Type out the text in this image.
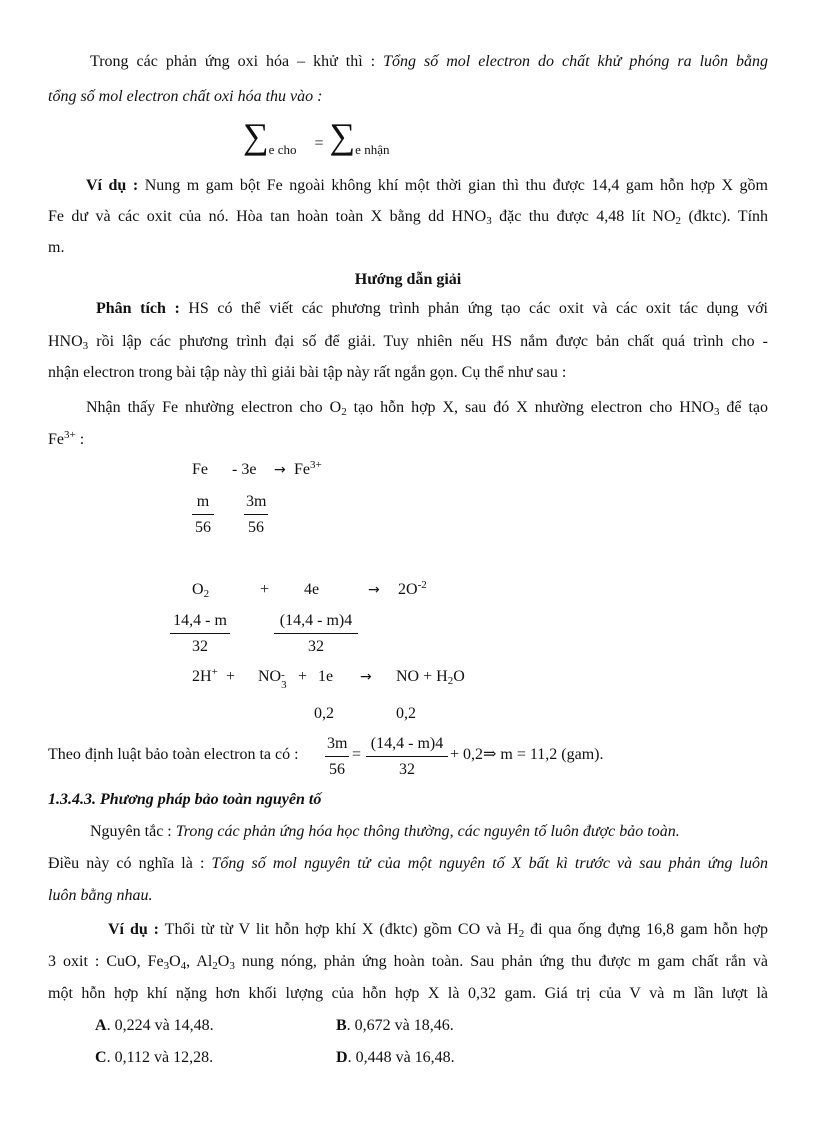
Trong các phản ứng oxi hóa – khử thì : Tổng số mol electron do chất khử phóng ra luôn bằng
tổng số mol electron chất oxi hóa thu vào :
$\sum_{e cho} = \sum_{e nhận}$
Ví dụ : Nung m gam bột Fe ngoài không khí một thời gian thì thu được 14,4 gam hỗn hợp X gồm
Fe dư và các oxit của nó. Hòa tan hoàn toàn X bằng dd $HNO_3$ đặc thu được 4,48 lít $NO_2$ (đktc). Tính
m.
Hướng dẫn giải
Phân tích : HS có thể viết các phương trình phản ứng tạo các oxit và các oxit tác dụng với
$HNO_3$ rồi lập các phương trình đại số để giải. Tuy nhiên nếu HS nắm được bản chất quá trình cho -
nhận electron trong bài tập này thì giải bài tập này rất ngắn gọn. Cụ thể như sau :
Nhận thấy Fe nhường electron cho $O_2$ tạo hỗn hợp X, sau đó X nhường electron cho $HNO_3$ để tạo
$Fe^{3+}$ :
$Fe - 3e \to Fe^{3+}$
$\frac{m}{56} \frac{3m}{56}$
$O_2$	+ 4e	→ $2O^{-2}$
$\frac{14,4 - m}{32}$	$\frac{(14,4 - m)4}{32}$
2H+ + NO -
3 + 1e → NO + $H_2O$
0,2	0,2
Theo định luật bảo toàn electron ta có : $\frac{3m}{56} = \frac{(14,4 - m)4}{32}$ + 0,2⇒ m = 11,2 (gam).
1.3.4.3. Phương pháp bảo toàn nguyên tố
Nguyên tắc : Trong các phản ứng hóa học thông thường, các nguyên tố luôn được bảo toàn.
Điều này có nghĩa là : Tổng số mol nguyên tử của một nguyên tố X bất kì trước và sau phản ứng luôn
luôn bằng nhau.
Ví dụ : Thổi từ từ V lit hỗn hợp khí X (đktc) gồm CO và $H_2$ đi qua ống đựng 16,8 gam hỗn hợp
3 oxit : CuO, $Fe_3O_4$, $Al_2O_3$ nung nóng, phản ứng hoàn toàn. Sau phản ứng thu được m gam chất rắn và
một hỗn hợp khí nặng hơn khối lượng của hỗn hợp X là 0,32 gam. Giá trị của V và m lần lượt là
A. 0,224 và 14,48.	B. 0,672 và 18,46.
C. 0,112 và 12,28.	D. 0,448 và 16,48.
